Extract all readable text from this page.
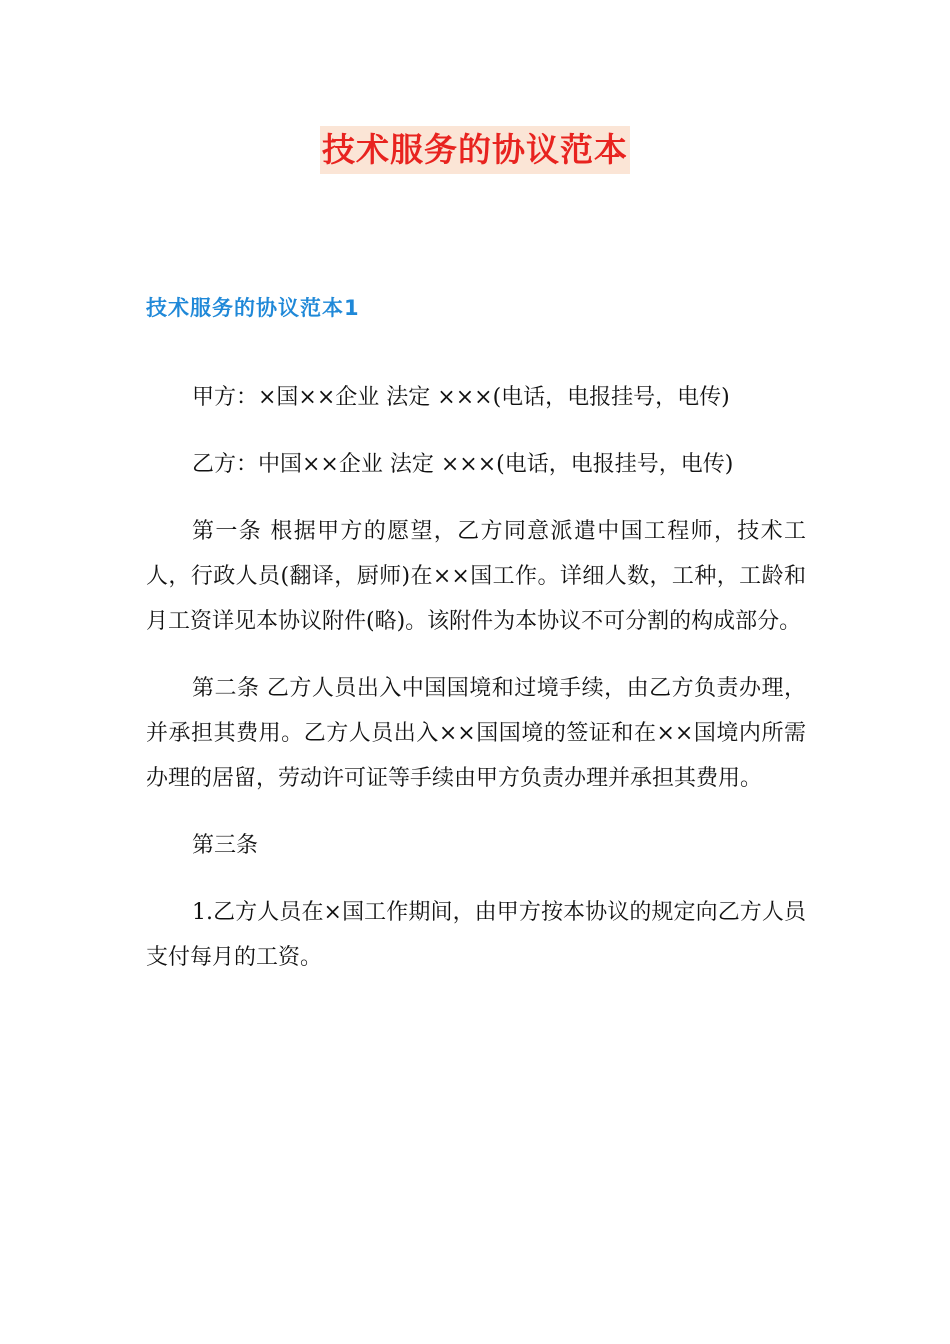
技术服务的协议范本
技术服务的协议范本1

甲方：×国××企业 法定 ×××(电话，电报挂号，电传)

乙方：中国××企业 法定 ×××(电话，电报挂号，电传)

第一条 根据甲方的愿望，乙方同意派遣中国工程师，技术工人，行政人员(翻译，厨师)在××国工作。详细人数，工种，工龄和月工资详见本协议附件(略)。该附件为本协议不可分割的构成部分。

第二条 乙方人员出入中国国境和过境手续，由乙方负责办理，并承担其费用。乙方人员出入××国国境的签证和在××国境内所需办理的居留，劳动许可证等手续由甲方负责办理并承担其费用。

第三条

1.乙方人员在×国工作期间，由甲方按本协议的规定向乙方人员支付每月的工资。
